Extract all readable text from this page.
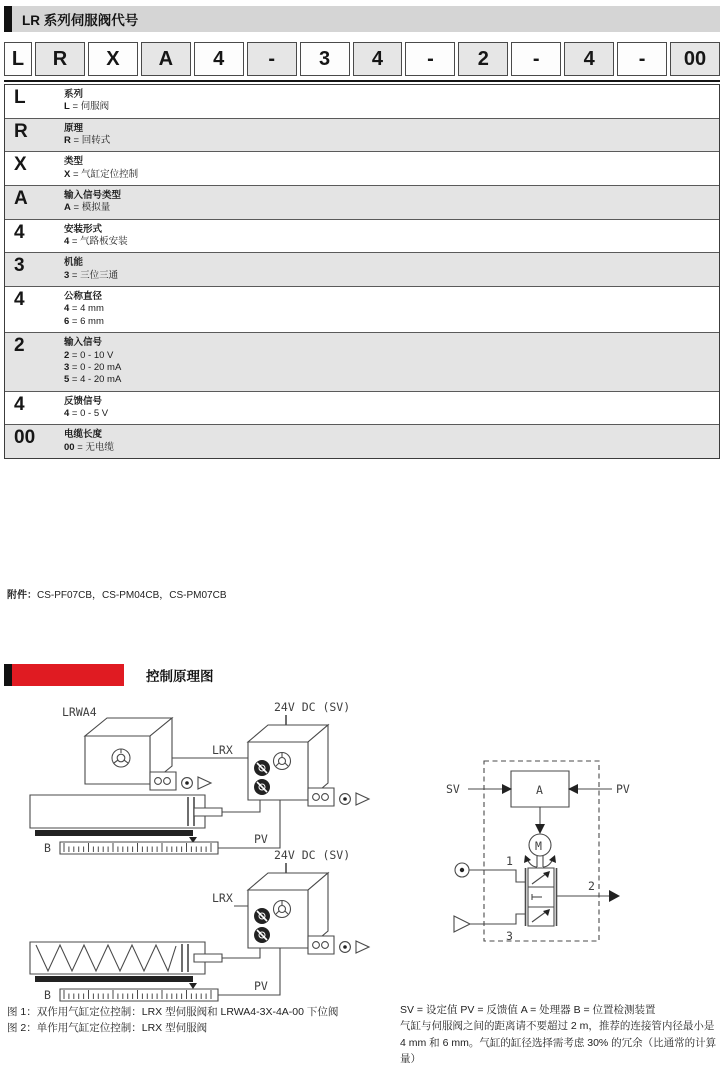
LR 系列伺服阀代号
L	R	X	A	4	-	3	4	-	2	-	4	-	00
L	系列
L = 伺服阀
R	原理
R = 回转式
X	类型
X = 气缸定位控制
A	输入信号类型
A = 模拟量
4	安装形式
4 = 气路板安装
3	机能
3 = 三位三通
4	公称直径
4 = 4 mm
6 = 6 mm
2	输入信号
2 = 0 - 10 V
3 = 0 - 20 mA
5 = 4 - 20 mA
4	反馈信号
4 = 0 - 5 V
00	电缆长度
00 = 无电缆
附件：CS-PF07CB，CS-PM04CB，CS-PM07CB
控制原理图
LRWA4	24V DC (SV)
LRX
B
PV
24V DC (SV)
LRX
B
PV
A
SV	PV
M
1
3
2
图 1：双作用气缸定位控制：LRX 型伺服阀和 LRWA4-3X-4A-00 下位阀
图 2：单作用气缸定位控制：LRX 型伺服阀
SV = 设定值 PV = 反馈值 A = 处理器 B = 位置检测装置
气缸与伺服阀之间的距离请不要超过 2 m，推荐的连接管内径最小是 4 mm 和 6 mm。气缸的缸径选择需考虑 30% 的冗余（比通常的计算量）
